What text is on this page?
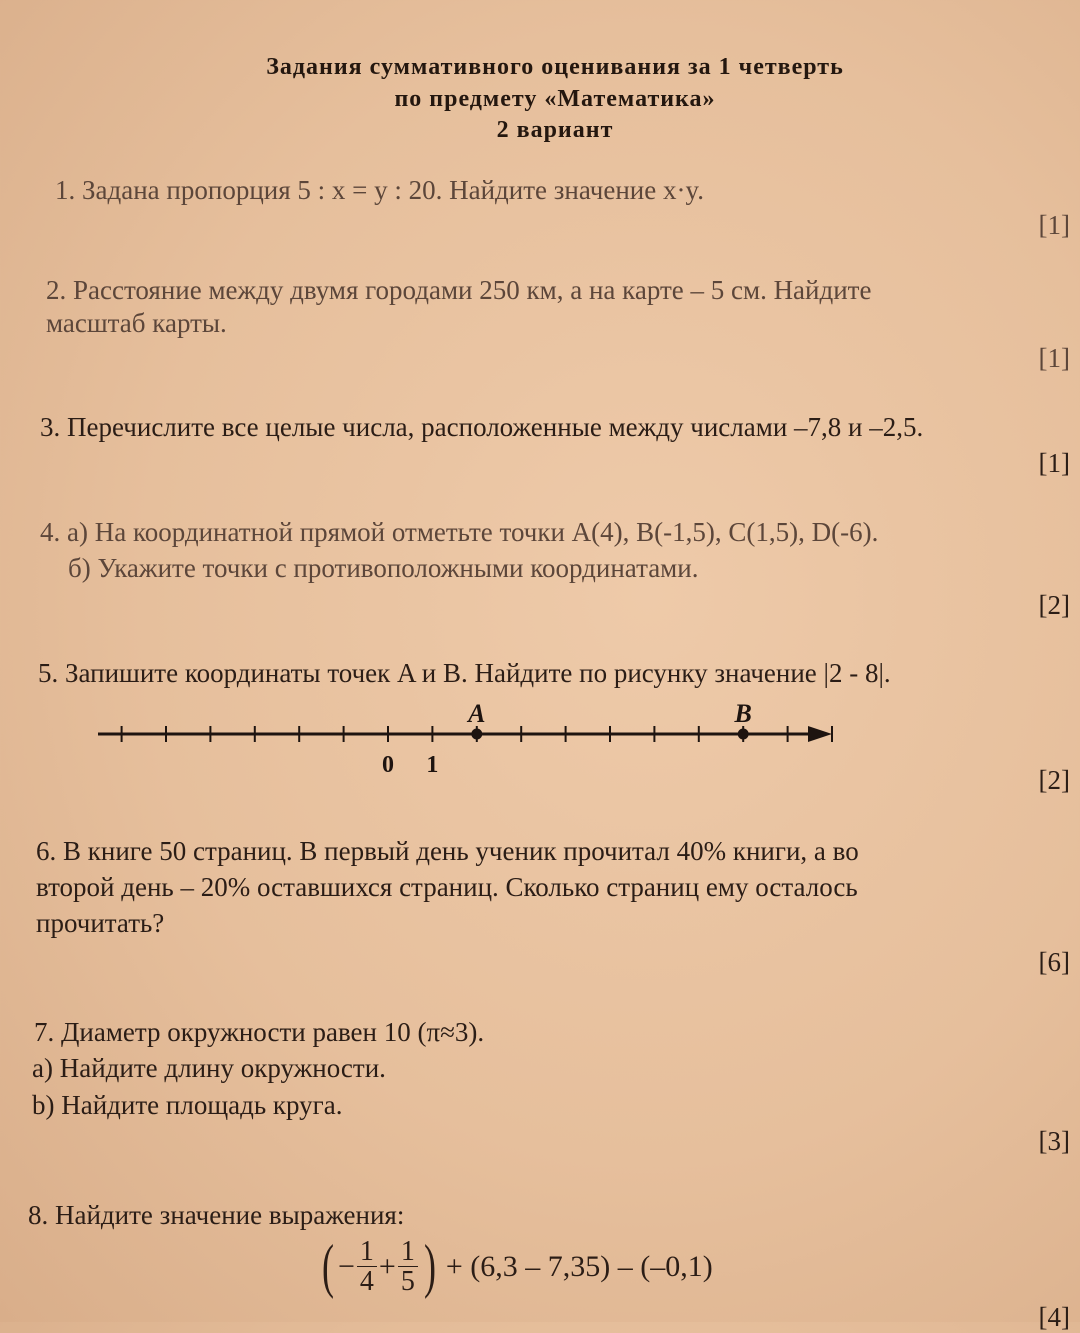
Задания суммативного оценивания за 1 четверть
по предмету «Математика»
2 вариант
1. Задана пропорция 5 : x = y : 20. Найдите значение x·y.
[1]
2. Расстояние между двумя городами 250 км, а на карте – 5 см. Найдите
масштаб карты.
[1]
3. Перечислите все целые числа, расположенные между числами –7,8 и –2,5.
[1]
4. а) На координатной прямой отметьте точки A(4), B(-1,5), C(1,5), D(-6).
б) Укажите точки с противоположными координатами.
[2]
5. Запишите координаты точек A и B. Найдите по рисунку значение |2 - 8|.
A	B
0 1	[2]
6. В книге 50 страниц. В первый день ученик прочитал 40% книги, а во
второй день – 20% оставшихся страниц. Сколько страниц ему осталось
прочитать?
[6]
7. Диаметр окружности равен 10 (π≈3).
а) Найдите длину окружности.
b) Найдите площадь круга.
[3]
8. Найдите значение выражения:
( − $\frac{1}{4} + \frac{1}{5}$ ) + (6,3 – 7,35) – (–0,1)
[4]
